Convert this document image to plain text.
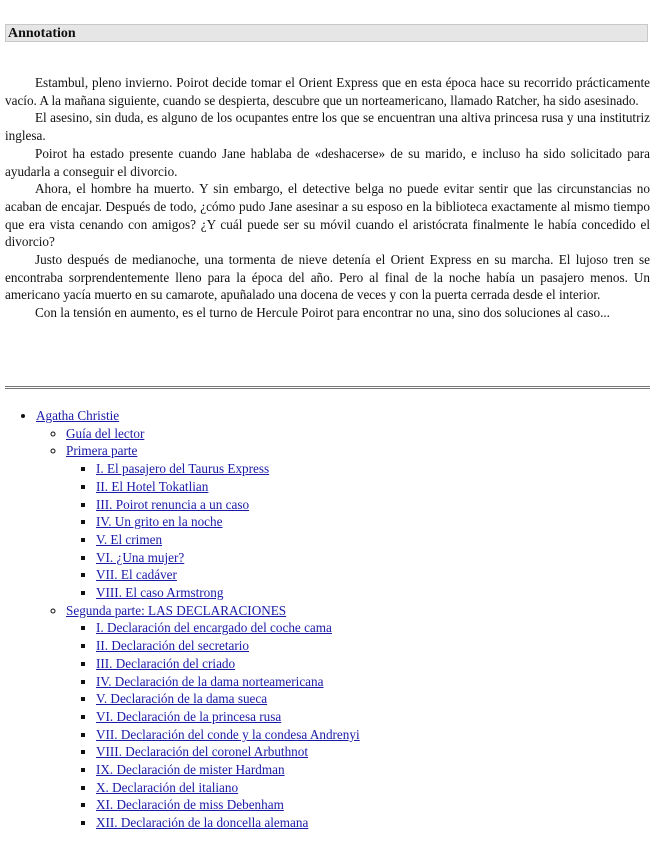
Annotation

Estambul, pleno invierno. Poirot decide tomar el Orient Express que en esta época hace su recorrido prácticamente vacío. A la mañana siguiente, cuando se despierta, descubre que un norteamericano, llamado Ratcher, ha sido asesinado.

El asesino, sin duda, es alguno de los ocupantes entre los que se encuentran una altiva princesa rusa y una institutriz inglesa.

Poirot ha estado presente cuando Jane hablaba de «deshacerse» de su marido, e incluso ha sido solicitado para ayudarla a conseguir el divorcio.

Ahora, el hombre ha muerto. Y sin embargo, el detective belga no puede evitar sentir que las circunstancias no acaban de encajar. Después de todo, ¿cómo pudo Jane asesinar a su esposo en la biblioteca exactamente al mismo tiempo que era vista cenando con amigos? ¿Y cuál puede ser su móvil cuando el aristócrata finalmente le había concedido el divorcio?

Justo después de medianoche, una tormenta de nieve detenía el Orient Express en su marcha. El lujoso tren se encontraba sorprendentemente lleno para la época del año. Pero al final de la noche había un pasajero menos. Un americano yacía muerto en su camarote, apuñalado una docena de veces y con la puerta cerrada desde el interior.

Con la tensión en aumento, es el turno de Hercule Poirot para encontrar no una, sino dos soluciones al caso...

• Agatha Christie
◦ Guía del lector
◦ Primera parte
▪ I. El pasajero del Taurus Express
▪ II. El Hotel Tokatlian
▪ III. Poirot renuncia a un caso
▪ IV. Un grito en la noche
▪ V. El crimen
▪ VI. ¿Una mujer?
▪ VII. El cadáver
▪ VIII. El caso Armstrong
◦ Segunda parte: LAS DECLARACIONES
▪ I. Declaración del encargado del coche cama
▪ II. Declaración del secretario
▪ III. Declaración del criado
▪ IV. Declaración de la dama norteamericana
▪ V. Declaración de la dama sueca
▪ VI. Declaración de la princesa rusa
▪ VII. Declaración del conde y la condesa Andrenyi
▪ VIII. Declaración del coronel Arbuthnot
▪ IX. Declaración de mister Hardman
▪ X. Declaración del italiano
▪ XI. Declaración de miss Debenham
▪ XII. Declaración de la doncella alemana
